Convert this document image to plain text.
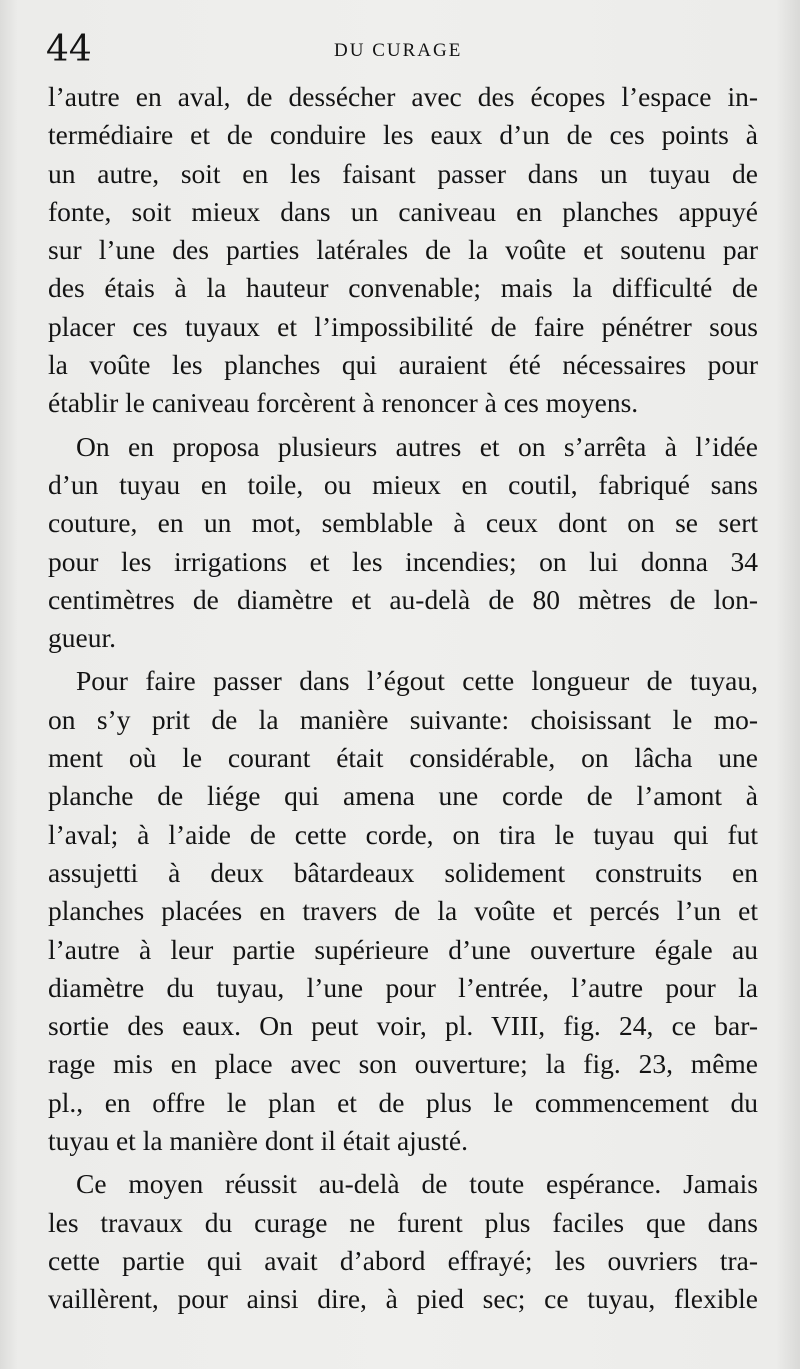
44	DU CURAGE
l’autre en aval, de dessécher avec des écopes l’espace in-
termédiaire et de conduire les eaux d’un de ces points à
un autre, soit en les faisant passer dans un tuyau de
fonte, soit mieux dans un caniveau en planches appuyé
sur l’une des parties latérales de la voûte et soutenu par
des étais à la hauteur convenable; mais la difficulté de
placer ces tuyaux et l’impossibilité de faire pénétrer sous
la voûte les planches qui auraient été nécessaires pour
établir le caniveau forcèrent à renoncer à ces moyens.
On en proposa plusieurs autres et on s’arrêta à l’idée
d’un tuyau en toile, ou mieux en coutil, fabriqué sans
couture, en un mot, semblable à ceux dont on se sert
pour les irrigations et les incendies; on lui donna 34
centimètres de diamètre et au-delà de 80 mètres de lon-
gueur.
Pour faire passer dans l’égout cette longueur de tuyau,
on s’y prit de la manière suivante: choisissant le mo-
ment où le courant était considérable, on lâcha une
planche de liége qui amena une corde de l’amont à
l’aval; à l’aide de cette corde, on tira le tuyau qui fut
assujetti à deux bâtardeaux solidement construits en
planches placées en travers de la voûte et percés l’un et
l’autre à leur partie supérieure d’une ouverture égale au
diamètre du tuyau, l’une pour l’entrée, l’autre pour la
sortie des eaux. On peut voir, pl. VIII, fig. 24, ce bar-
rage mis en place avec son ouverture; la fig. 23, même
pl., en offre le plan et de plus le commencement du
tuyau et la manière dont il était ajusté.
Ce moyen réussit au-delà de toute espérance. Jamais
les travaux du curage ne furent plus faciles que dans
cette partie qui avait d’abord effrayé; les ouvriers tra-
vaillèrent, pour ainsi dire, à pied sec; ce tuyau, flexible
